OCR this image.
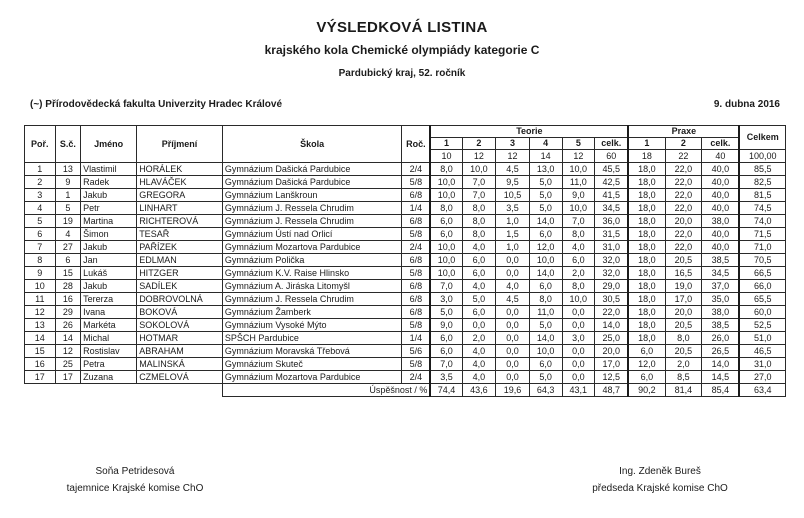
VÝSLEDKOVÁ LISTINA
krajského kola Chemické olympiády kategorie C
Pardubický kraj, 52. ročník
(~) Přírodovědecká fakulta Univerzity Hradec Králové	9. dubna 2016
Poř.	S.č.	Jméno	Příjmení	Škola	Roč.	Teorie						Praxe			Celkem
						1	2	3	4	5	celk.	1	2	celk.	
						10	12	12	14	12	60	18	22	40	100,00
1	13	Vlastimil	HORÁLEK	Gymnázium Dašická Pardubice	2/4	8,0	10,0	4,5	13,0	10,0	45,5	18,0	22,0	40,0	85,5
2	9	Radek	HLAVÁČEK	Gymnázium Dašická Pardubice	5/8	10,0	7,0	9,5	5,0	11,0	42,5	18,0	22,0	40,0	82,5
3	1	Jakub	GREGORA	Gymnázium Lanškroun	6/8	10,0	7,0	10,5	5,0	9,0	41,5	18,0	22,0	40,0	81,5
4	5	Petr	LINHART	Gymnázium J. Ressela Chrudim	1/4	8,0	8,0	3,5	5,0	10,0	34,5	18,0	22,0	40,0	74,5
5	19	Martina	RICHTEROVÁ	Gymnázium J. Ressela Chrudim	6/8	6,0	8,0	1,0	14,0	7,0	36,0	18,0	20,0	38,0	74,0
6	4	Šimon	TESAŘ	Gymnázium Ústí nad Orlicí	5/8	6,0	8,0	1,5	6,0	8,0	31,5	18,0	22,0	40,0	71,5
7	27	Jakub	PAŘÍZEK	Gymnázium Mozartova Pardubice	2/4	10,0	4,0	1,0	12,0	4,0	31,0	18,0	22,0	40,0	71,0
8	6	Jan	EDLMAN	Gymnázium Polička	6/8	10,0	6,0	0,0	10,0	6,0	32,0	18,0	20,5	38,5	70,5
9	15	Lukáš	HITZGER	Gymnázium K.V. Raise Hlinsko	5/8	10,0	6,0	0,0	14,0	2,0	32,0	18,0	16,5	34,5	66,5
10	28	Jakub	SADÍLEK	Gymnázium A. Jiráska Litomyšl	6/8	7,0	4,0	4,0	6,0	8,0	29,0	18,0	19,0	37,0	66,0
11	16	Tererza	DOBROVOLNÁ	Gymnázium J. Ressela Chrudim	6/8	3,0	5,0	4,5	8,0	10,0	30,5	18,0	17,0	35,0	65,5
12	29	Ivana	BOKOVÁ	Gymnázium Žamberk	6/8	5,0	6,0	0,0	11,0	0,0	22,0	18,0	20,0	38,0	60,0
13	26	Markéta	SOKOLOVÁ	Gymnázium Vysoké Mýto	5/8	9,0	0,0	0,0	5,0	0,0	14,0	18,0	20,5	38,5	52,5
14	14	Michal	HOTMAR	SPŠCH Pardubice	1/4	6,0	2,0	0,0	14,0	3,0	25,0	18,0	8,0	26,0	51,0
15	12	Rostislav	ABRAHAM	Gymnázium Moravská Třebová	5/6	6,0	4,0	0,0	10,0	0,0	20,0	6,0	20,5	26,5	46,5
16	25	Petra	MALINSKÁ	Gymnázium Skuteč	5/8	7,0	4,0	0,0	6,0	0,0	17,0	12,0	2,0	14,0	31,0
17	17	Zuzana	CZMELOVÁ	Gymnázium Mozartova Pardubice	2/4	3,5	4,0	0,0	5,0	0,0	12,5	6,0	8,5	14,5	27,0
				Úspěšnost / %		74,4	43,6	19,6	64,3	43,1	48,7	90,2	81,4	85,4	63,4
Soňa Petridesová
tajemnice Krajské komise ChO
Ing. Zdeněk Bureš
předseda Krajské komise ChO
